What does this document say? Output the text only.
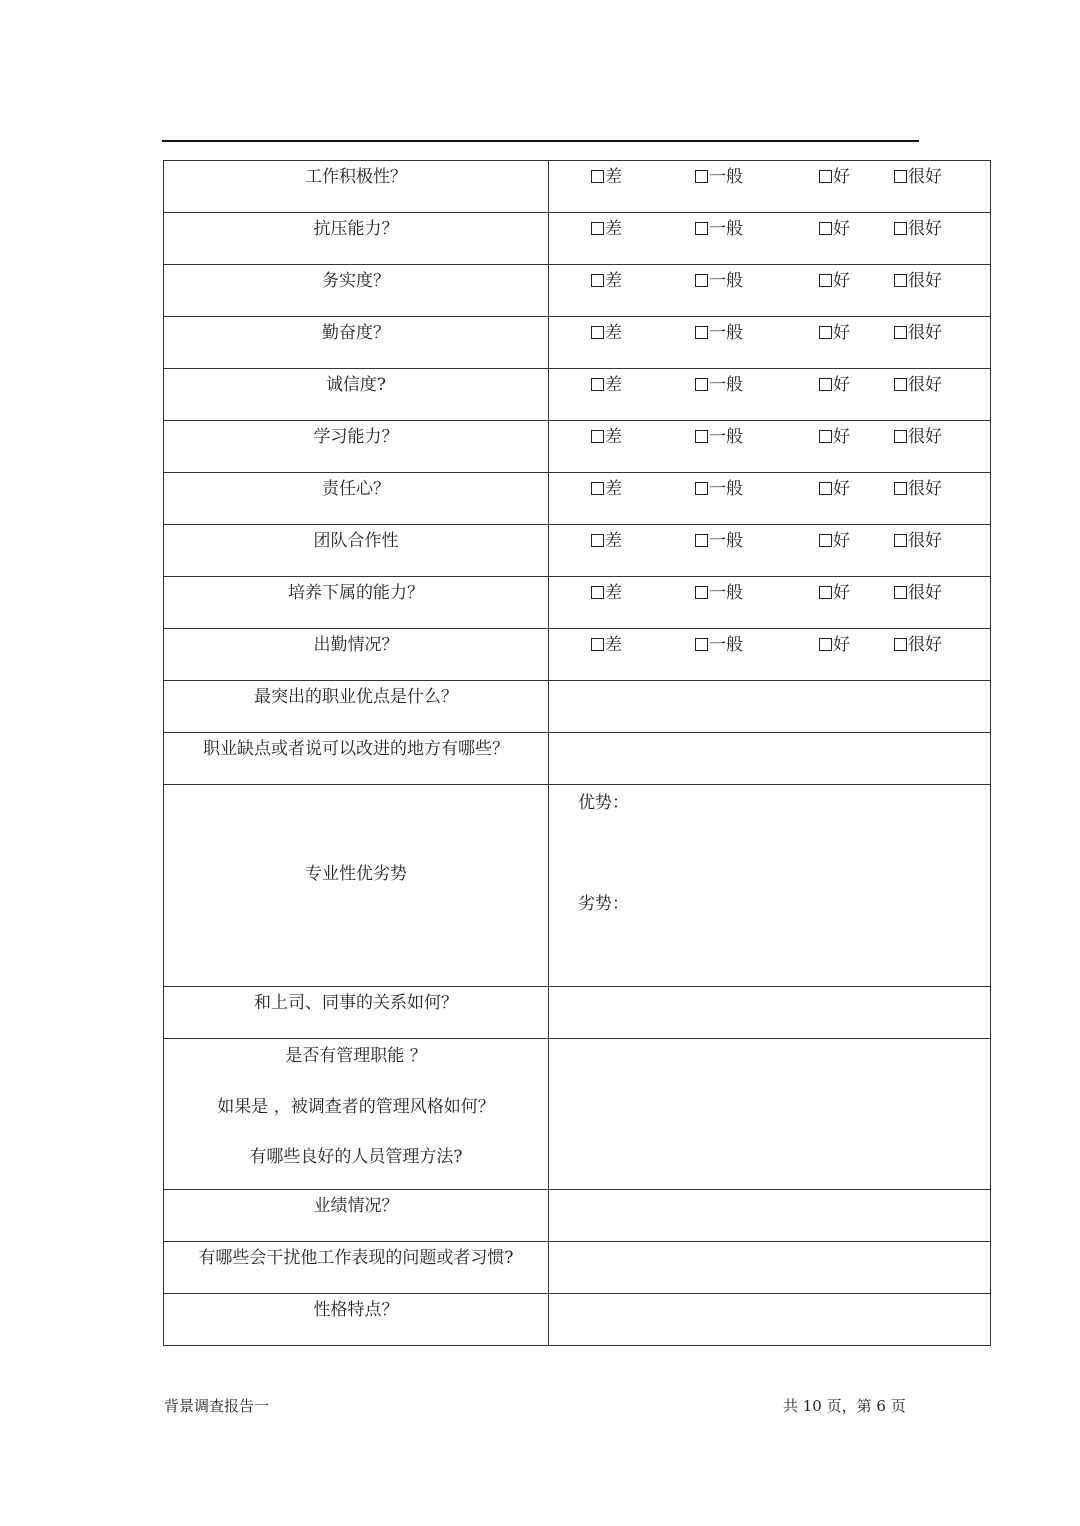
工作积极性？	差 一般 好 很好

抗压能力？	差 一般 好 很好

务实度？	差 一般 好 很好

勤奋度？	差 一般 好 很好

诚信度?	差 一般 好 很好

学习能力？	差 一般 好 很好

责任心？	差 一般 好 很好

团队合作性	差 一般 好 很好

培养下属的能力？	差 一般 好 很好

出勤情况？	差 一般 好 很好

最突出的职业优点是什么？	

职业缺点或者说可以改进的地方有哪些？	

专业性优劣势	优势：
劣势：

和上司、同事的关系如何？	

是否有管理职能 ？
如果是 ，被调查者的管理风格如何？
有哪些良好的人员管理方法?	

业绩情况？	

有哪些会干扰他工作表现的问题或者习惯?	

性格特点？	

背景调查报告一	共 10 页，第 6 页
